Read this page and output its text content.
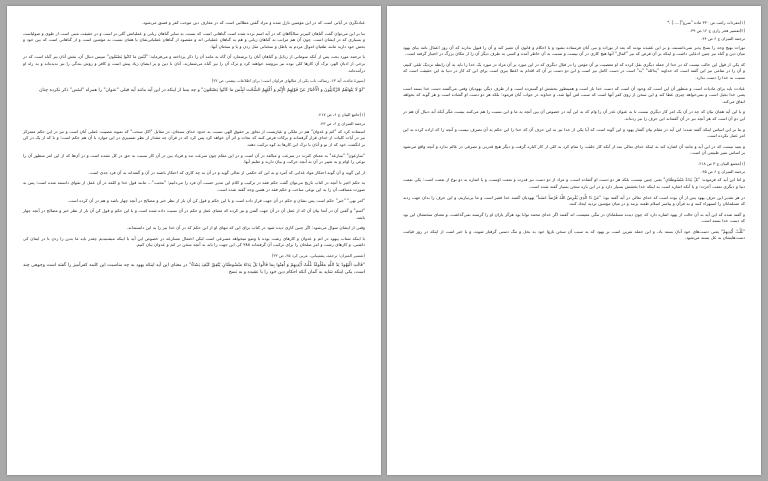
عبادتگری در آیاتی است که در این مؤمنین نازل شده و مراد گفتن مطالبی است که در معارف دین موجب کفر و فسق می‌شود.

بنا بر این می‌توان گفت گناهان کبیرتر سالگاهان که در آیه اسم برده شده است گناهانی است که نسبت به سایر گناهان زیانی و عملیاتش گلی تر است و در حقیقت مبنی است از طوی و صولیاست و بسیاری که در ایشان است. چون آن هم مراتب به گناهان زیانی و هم به گناهان عملیاتی اند و مقصود از گناهان عملیاتی‌شان یا همان نسبت به مؤمنین است و از گناهانی است که بین خود و بخش خود دارند مانند طغیان اموال مردم به باطل و سخنانی مثل زدن و با و سخنان آنها.

با ترجمه مورد بحث پس از آنکه سومانی از رذایل و گناهان آنان را برشمارد آن گاه به مانند آن را دکر پرداخته و می‌فرماید: "لَیْسَ ما کانُوا یَصْنَعُون" سپس دنبال آن، نقش آنان نیز گناه است که در برخی از ادیان الهی ترک آن کارها کلی بوده نیز نیرومند خواهند کرد و ترک آن را نیز گناه می‌شمارند. آنان با دین و بر ایشان زیاد پیش است و کافر و روش بندگی را نیز ندیده‌اند و به راه او درآمده‌اند.

(سورۀ مائده، آیه ۶۳، رسالت ناب یکی از مثالهای فراوان است؛ برای اطلاعات بیشتر، ص ۳۲)

"لَوْ لَا یَنْهَاهُمُ الرَّبَّانِیُّونَ وَ الْأَحْبَارُ عَنْ قَوْلِهِمُ الْإِثْمَ وَ أَکْلِهِمُ السُّحْتَ لَبِئْسَ مَا کَانُوا یَصْنَعُونَ" و چه بسا از اینکه در این آیه مانند آیه قبلی "عنوان" را همراه "لبئس" ذکر نکرده چنان

(۱)جامع البیان ج ۶، ص ۲۱۷.

ترجمه المیزان ج ۶، ص ۴۳.

استفاده کرد که "اثم و عدوان" هم در ملکی و عبارتست از تجاوز بر حقوق الهی نسبت به حدود خدای سبحان، در مقابل "اکل سحت" که نمونه مصیبت عملی آنان است و نیز در این حکم متمرکز نیز در آیات کلیات از خدای قرار گرفته‌اند و برکات فرض کنند که نجات و اثر آن خواهد کرد پس کرد که در قرآن چه مقدار از نظر تفسیری در این موارد با آن هم حکم است؛ و تا که از یک در کن بر انگشت خود که از نو و آنان یا ترک این کارها به کوه ترکیب دهند.

"سارعون" "سارعة" به معنای کثرت در سرعت و مبالغه در آن است و در این مقام چون سرعت تند و فریاد بین در آن کار نسبت به حق در کل نشده است و در آن‌ها که از این امر منظور آن را نوعی را اوام و به تغییر در آن به آنچه حرکت و بیان دارند و تعلیم آنها.

از این گوید و آن گونه احتکار مواد غذایی که آمرد و به این که حکمی از تعالی گوید و در آن به چه کاری که احتکار باشند در آن و گفته‌اند به آن فرد جدی است.

به حکم اخیر تا آنچه در کتاب تاریخ می‌توان گفت حکم فقه در ترکیب و کلام این مدیر حسب آن فرد را می‌دانیم: "محبت"... مانند قول خدا و کلمه در آن عمل از تقوای دانسته شده است؛ پس به صورت مسافت آن را به این نوعی ساخت و حکم فقه در همین وجه گفته شده است.

"امر نهی" "خبر" حکم است پس نشان و حکم در آن جهت قرار داده است و با این حکم و قول کن آن بار از نظر خبر و مصالح در آنچه چهار باشد و هم در آن کرده است.

"اسم" و گفتن آن در آنجا بیان آن که از عمل آن در آن جهت گفتن و نیز کرده که معنای عمل و حکم در آن نسبت داده شده است و با این حکم و قول کن آن بار از نظر خبر و مصالح در آنچه چهار باشد.

وقتی از ایشان سوال می‌شود: اگر چنین کاری دیده شود در کتاب برای این که تنهای او از این حکم که در آن خدا نیز را به این دانسته‌اند.

با اینکه شتاب پیهود در اثم و عدوان و کارهای زشت بوده با وضع میخواهد مسرعی است لیکن احتمال مسارعه در خصوص این آیه با اینکه میشنیدیم چقدر باید ما بدین را زدن تا در ایمان کی داشتی، و کارهای زشت و امر صلحان را برای ترکیب آن گرفته‌اند ۳۸۸ کی این جهت را باید به آنچه سخن در اثم و عدوان بیان کنیم.

(تفسیر المیزان؛ ترجمه، پشتیبانی، عربی کرد ۴۵، ص ۳۳)

"قَالَتِ الْیَهُودُ یَدُ اللَّهِ مَغْلُولَةٌ غُلَّتْ أَیْدِیهِمْ وَ لُعِنُوا بِمَا قَالُوا بَلْ یَدَاهُ مَبْسُوطَتَانِ یُنْفِقُ کَیْفَ یَشَاءُ" در معنای این آیه اینکه یهود به چه مناسبت این کلمه کفرآمیز را گفته است وجوهی چند است، یکی اینکه شاید به گمان آنکه احکام دین خود را با عقیده و به نسخ

(۱)مفردات راغب ص ۳۳۰ ماده "سرع"[.....] .*

(۲)تفسیر فخر رازی ج ۱۲ ص ۳۹.

ترجمه المیزان ج ۶ ص ۴۴.

تورات بهیچ وجه را نسخ پذیر نمی‌دانستند، و بر این عقیده بودند که بعد از تورات و نبی آنان فرستاده نشود و یا احکام و قانون آن تغییر کند و آن را قبول ندارند که آن روز اعمال نامه بیای یهود میان دین و گناه نیز چنین ادعایی داشت و اینکه بر آن فرض که نیز "کمال" آنها هیچ کاری در آن نیست و نسبت به آن خاطر آمده و کسی به طرف دیگر آن را از مکان بزرگ در اختیار گرفته است.

که یکی از قول این حالت نیست که در خدا از جمله دیگری نقل کرده که او معصیت بر آن مؤمن را در قبال دیگری که در این مورد بر آن مراد در مورد یک خدا را باید به آن رابطه نزدیک تلقی کنیم، و آن را در تمامی نیز این گفته است که خداوند "یدالله" "ید" است در دست کامل نیز است و این دو دست بر آن که اقدام به اعطا ببری است برای این که کار در دنیا به این حقیقت است که نسبت به خدا را دست ندارد.

عبادت باید برای مادیات است و منظور آن این است که وجود آن است که دست خدا باز است و همینطور بخشش او گسترده است و از طرف دیگر، یهودیان وقتی می‌گفتند دست خدا بسته است یعنی خدا بخیل است و نمی‌خواهد چیزی عطا کند و این سخن از روی کفر آنها است که سبب لعن آنها شد، و خداوند در جواب آنان فرمود: بلکه هر دو دست او گشاده است و هر گونه که بخواهد انفاق می‌کند.

و با این آیه همان بیان که چه در آن یک امر کار دیگری نیست تا به عنوان عذر آن را وام که به این آیه در خصوص آن بین آنچه به ما و این نسبت را هم می‌کنند نیست مگر آنکه آیه دنبال آن هم در این دو آن است که هر آنچه نیز در آن گفته‌اند این حرف را نیز زده‌اند.

و بنا بر این اساس اینکه گفته شده: این آیه در مقام بیان گفتار یهود و این گونه است که آیا یکی از خدا نیز به این حرف آن که خدا را این حکم به آن تصرف نیست و آنچه را که اراده کرده به این امر عمل نکرده است.

و بعید نیست که در این آیه و مانند آن اشاره کند به اینکه خدای تعالی بعد از آنکه کار خلقت را تمام کرد به کلی از کار کناره گرفت و دیگر هیچ قدرتی و تصرفی در عالم ندارد و آنچه واقع می‌شود بر اساس سیر طبیعی آن است.

(۱)مجمع البیان ج ۳ ص ۲۱۸.

ترجمه المیزان ج ۶ ص ۴۵.

و اما این آیه که فرموده: "بَلْ یَدَاهُ مَبْسُوطَتَانِ" یعنی چنین نیست، بلکه هر دو دست او گشاده است، و مراد از دو دست نیز قدرت و نعمت اوست، و یا اشاره به دو نوع از نعمت است: یکی نعمت دنیا و دیگری نعمت آخرت؛ و یا آنکه اشاره است به اینکه خدا بخشش بسیار دارد و در این باره سخن بسیار گفته شده است.

در هر تقدیر این حرف یهود پس از آن بوده است که خدای تعالی در آیه گفته بود: "مَنْ ذَا الَّذِی یُقْرِضُ اللَّهَ قَرْضاً حَسَناً" یهودیان گفتند خدا فقیر است و ما بی‌نیازیم، و این حرف را بدان جهت زدند که مسلمانان را استهزاء کنند و به قرآن و پیامبر اسلام طعنه بزنند و در میان مؤمنین تردید ایجاد کنند.

و گفته شده که این آیه به آن حالت از یهود اشاره دارد که چون دیدند مسلمانان در تنگی معیشت اند گفتند اگر خدای محمد توانا بود هرگز یاران او را گرسنه نمی‌گذاشت، و معنای سخنشان این بود که دست خدا بسته است.

"غُلَّتْ أَیْدِیهِمْ" یعنی دست‌های خود آنان بسته باد، و این جمله نفرین است بر یهود که به سبب آن سخن ناروا خود به بخل و تنگ دستی گرفتار شوند، و یا خبر است از اینکه در روز قیامت دست‌هایشان به غل بسته می‌شود.
